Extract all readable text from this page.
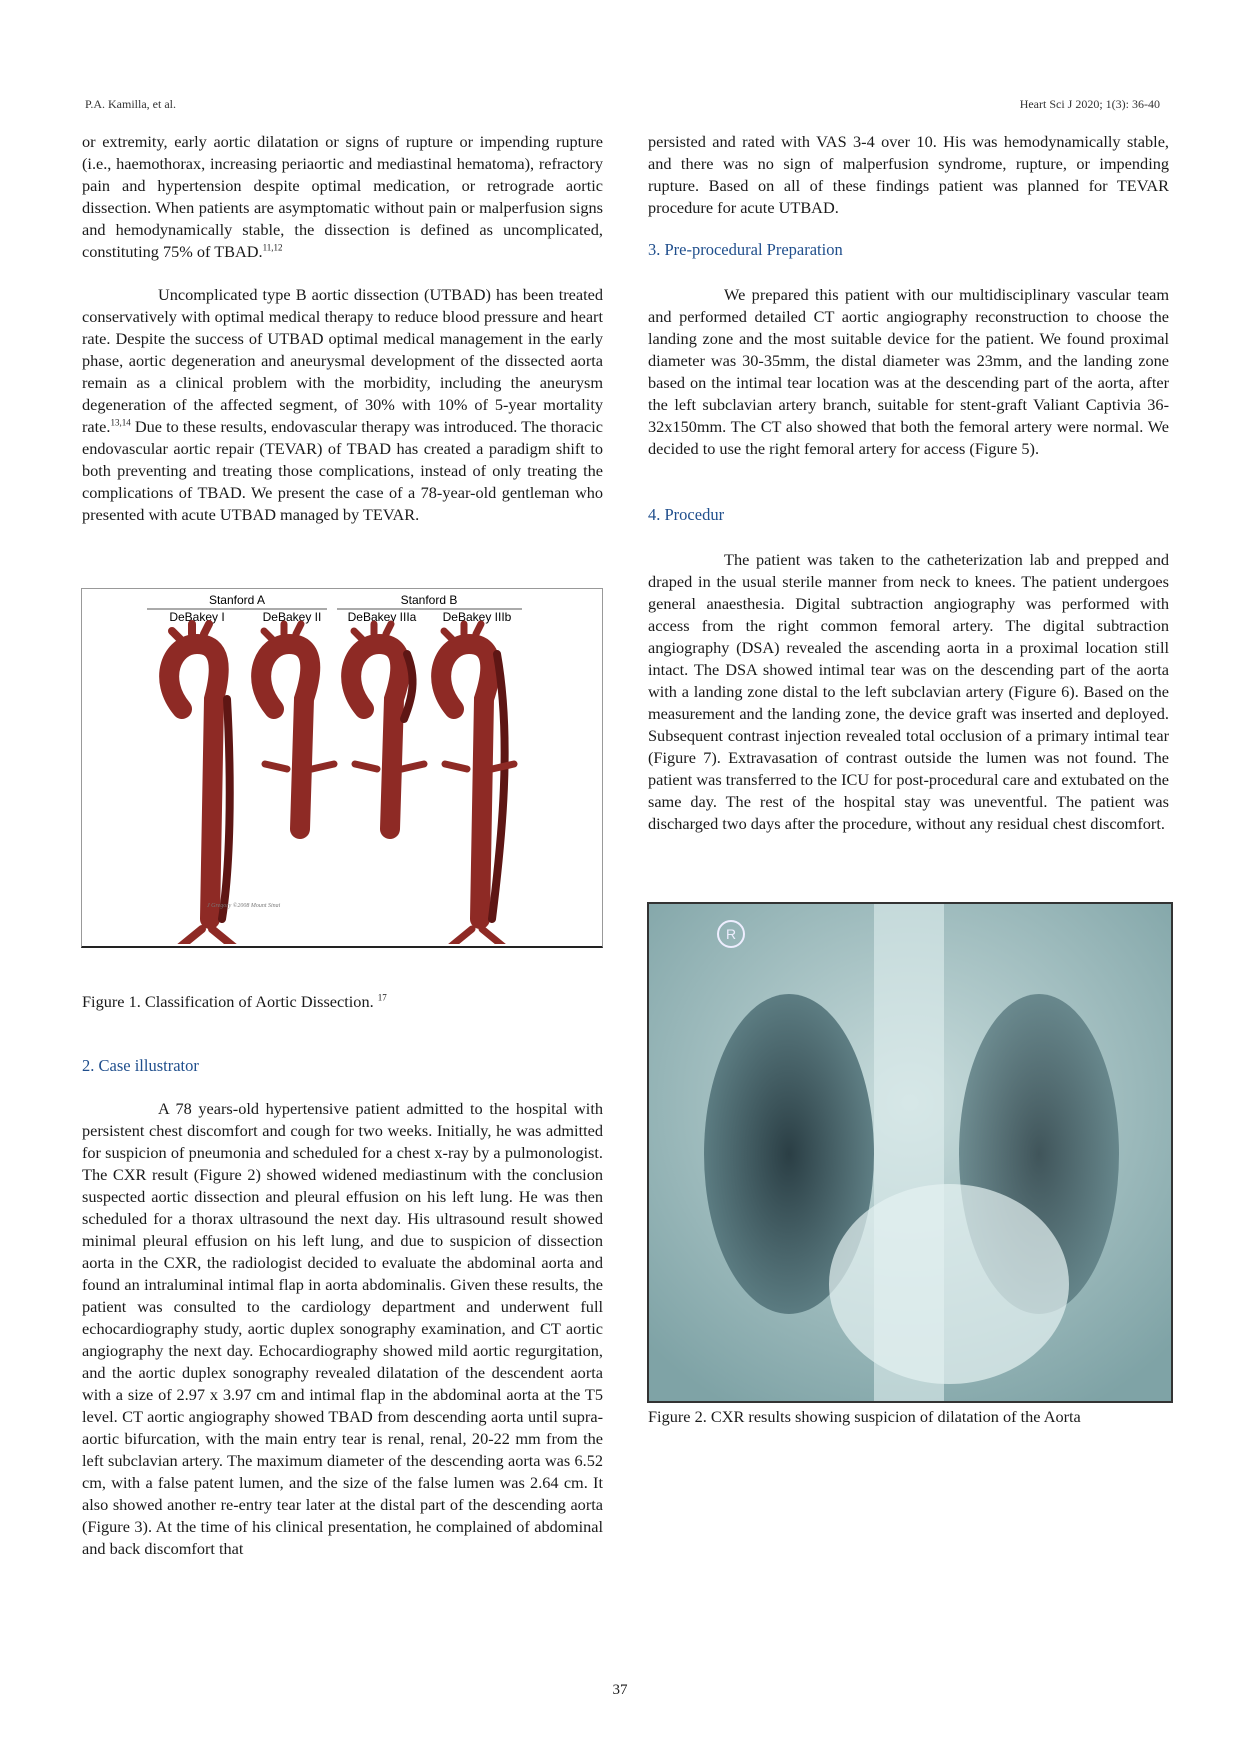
P.A. Kamilla, et al.	Heart Sci J 2020; 1(3): 36-40
or extremity, early aortic dilatation or signs of rupture or impending rupture (i.e., haemothorax, increasing periaortic and mediastinal hematoma), refractory pain and hypertension despite optimal medication, or retrograde aortic dissection. When patients are asymptomatic without pain or malperfusion signs and hemodynamically stable, the dissection is defined as uncomplicated, constituting 75% of TBAD.$^{11,12}$
Uncomplicated type B aortic dissection (UTBAD) has been treated conservatively with optimal medical therapy to reduce blood pressure and heart rate. Despite the success of UTBAD optimal medical management in the early phase, aortic degeneration and aneurysmal development of the dissected aorta remain as a clinical problem with the morbidity, including the aneurysm degeneration of the affected segment, of 30% with 10% of 5-year mortality rate.$^{13,14}$ Due to these results, endovascular therapy was introduced. The thoracic endovascular aortic repair (TEVAR) of TBAD has created a paradigm shift to both preventing and treating those complications, instead of only treating the complications of TBAD. We present the case of a 78-year-old gentleman who presented with acute UTBAD managed by TEVAR.
Stanford A	Stanford B
DeBakey I	DeBakey II DeBakey IIIa DeBakey IIIb
J Gregory ©2008 Mount Sinai
Figure 1. Classification of Aortic Dissection. $^{17}$
2. Case illustrator
A 78 years-old hypertensive patient admitted to the hospital with persistent chest discomfort and cough for two weeks. Initially, he was admitted for suspicion of pneumonia and scheduled for a chest x-ray by a pulmonologist. The CXR result (Figure 2) showed widened mediastinum with the conclusion suspected aortic dissection and pleural effusion on his left lung. He was then scheduled for a thorax ultrasound the next day. His ultrasound result showed minimal pleural effusion on his left lung, and due to suspicion of dissection aorta in the CXR, the radiologist decided to evaluate the abdominal aorta and found an intraluminal intimal flap in aorta abdominalis. Given these results, the patient was consulted to the cardiology department and underwent full echocardiography study, aortic duplex sonography examination, and CT aortic angiography the next day. Echocardiography showed mild aortic regurgitation, and the aortic duplex sonography revealed dilatation of the descendent aorta with a size of 2.97 x 3.97 cm and intimal flap in the abdominal aorta at the T5 level. CT aortic angiography showed TBAD from descending aorta until supra-aortic bifurcation, with the main entry tear is renal, renal, 20-22 mm from the left subclavian artery. The maximum diameter of the descending aorta was 6.52 cm, with a false patent lumen, and the size of the false lumen was 2.64 cm. It also showed another re-entry tear later at the distal part of the descending aorta (Figure 3). At the time of his clinical presentation, he complained of abdominal and back discomfort that
persisted and rated with VAS 3-4 over 10. His was hemodynamically stable, and there was no sign of malperfusion syndrome, rupture, or impending rupture. Based on all of these findings patient was planned for TEVAR procedure for acute UTBAD.
3. Pre-procedural Preparation
We prepared this patient with our multidisciplinary vascular team and performed detailed CT aortic angiography reconstruction to choose the landing zone and the most suitable device for the patient. We found proximal diameter was 30-35mm, the distal diameter was 23mm, and the landing zone based on the intimal tear location was at the descending part of the aorta, after the left subclavian artery branch, suitable for stent-graft Valiant Captivia 36-32x150mm. The CT also showed that both the femoral artery were normal. We decided to use the right femoral artery for access (Figure 5).
4. Procedur
The patient was taken to the catheterization lab and prepped and draped in the usual sterile manner from neck to knees. The patient undergoes general anaesthesia. Digital subtraction angiography was performed with access from the right common femoral artery. The digital subtraction angiography (DSA) revealed the ascending aorta in a proximal location still intact. The DSA showed intimal tear was on the descending part of the aorta with a landing zone distal to the left subclavian artery (Figure 6). Based on the measurement and the landing zone, the device graft was inserted and deployed. Subsequent contrast injection revealed total occlusion of a primary intimal tear (Figure 7). Extravasation of contrast outside the lumen was not found. The patient was transferred to the ICU for post-procedural care and extubated on the same day. The rest of the hospital stay was uneventful. The patient was discharged two days after the procedure, without any residual chest discomfort.
R
Figure 2. CXR results showing suspicion of dilatation of the Aorta
37
